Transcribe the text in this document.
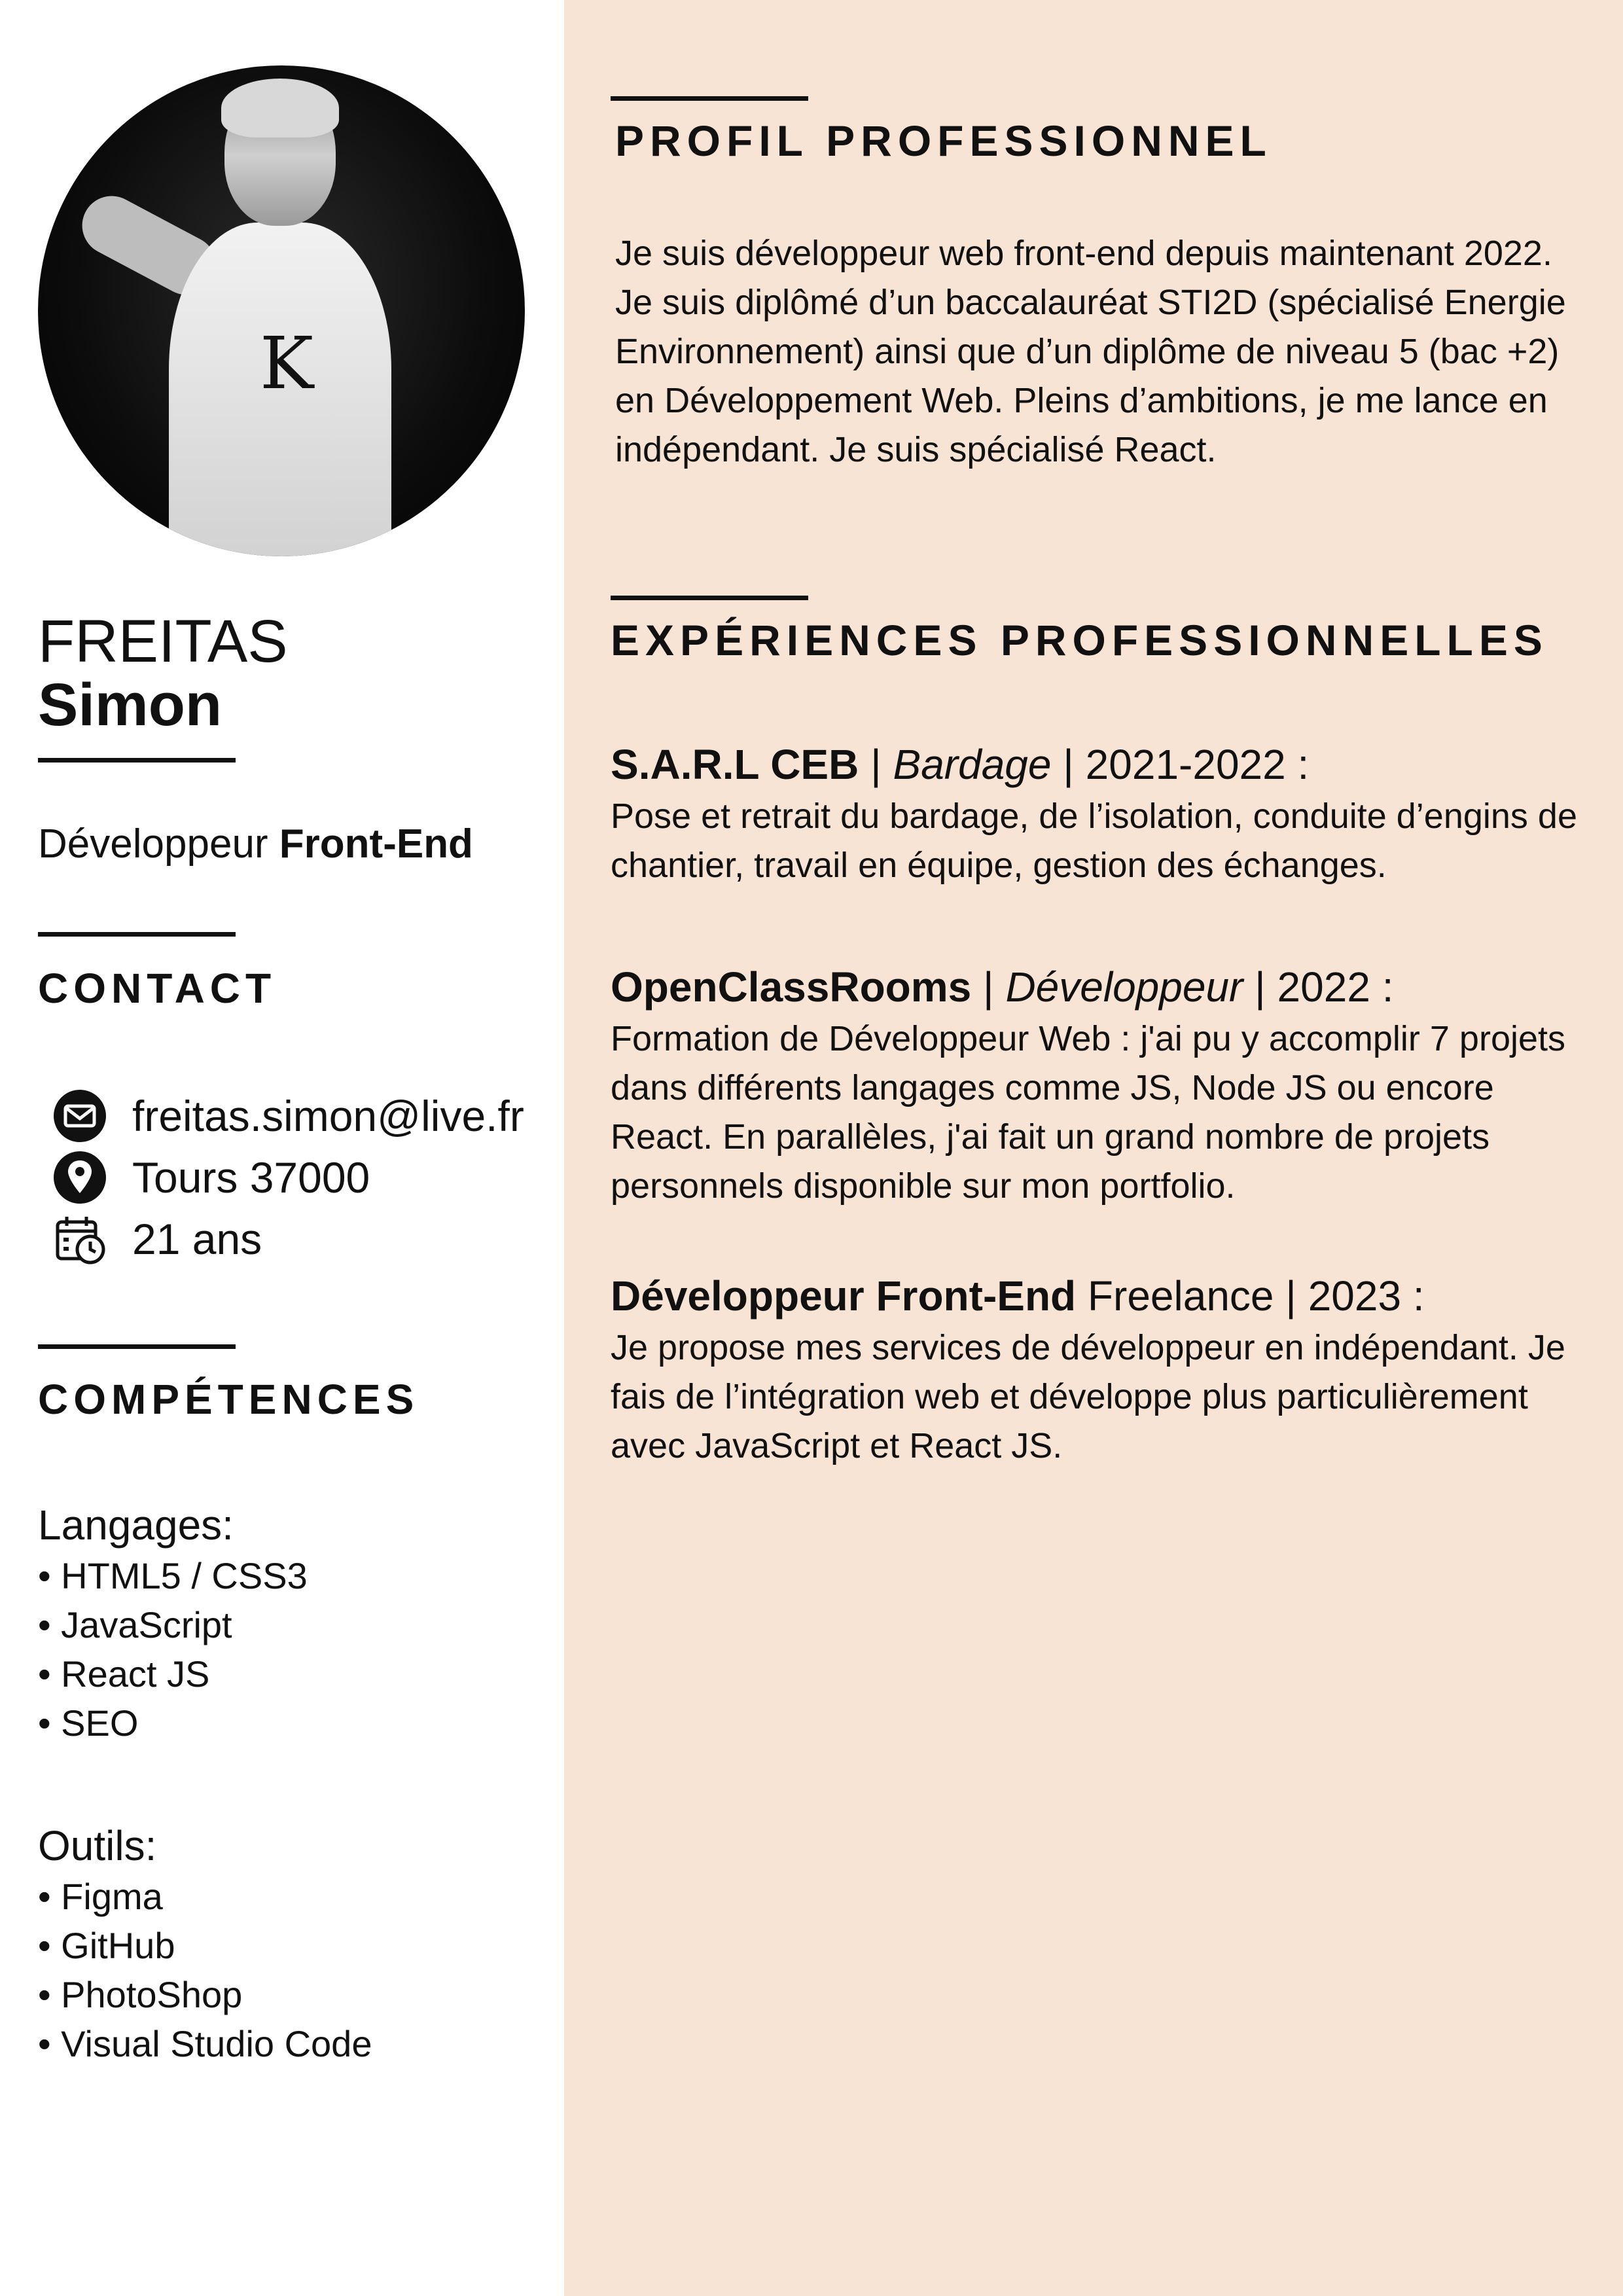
K
FREITAS
Simon
Développeur Front-End
CONTACT
freitas.simon@live.fr
Tours 37000
21 ans
COMPÉTENCES
Langages:
• HTML5 / CSS3
• JavaScript
• React JS
• SEO
Outils:
• Figma
• GitHub
• PhotoShop
• Visual Studio Code
PROFIL PROFESSIONNEL
Je suis développeur web front-end depuis maintenant 2022. Je suis diplômé d’un baccalauréat STI2D (spécialisé Energie Environnement) ainsi que d’un diplôme de niveau 5 (bac +2) en Développement Web. Pleins d’ambitions, je me lance en indépendant. Je suis spécialisé React.
EXPÉRIENCES PROFESSIONNELLES
S.A.R.L CEB | Bardage | 2021-2022 :
Pose et retrait du bardage, de l’isolation, conduite d’engins de chantier, travail en équipe, gestion des échanges.
OpenClassRooms | Développeur | 2022 :
Formation de Développeur Web : j'ai pu y accomplir 7 projets dans différents langages comme JS, Node JS ou encore React. En parallèles, j'ai fait un grand nombre de projets personnels disponible sur mon portfolio.
Développeur Front-End Freelance | 2023 :
Je propose mes services de développeur en indépendant. Je fais de l’intégration web et développe plus particulièrement avec JavaScript et React JS.
